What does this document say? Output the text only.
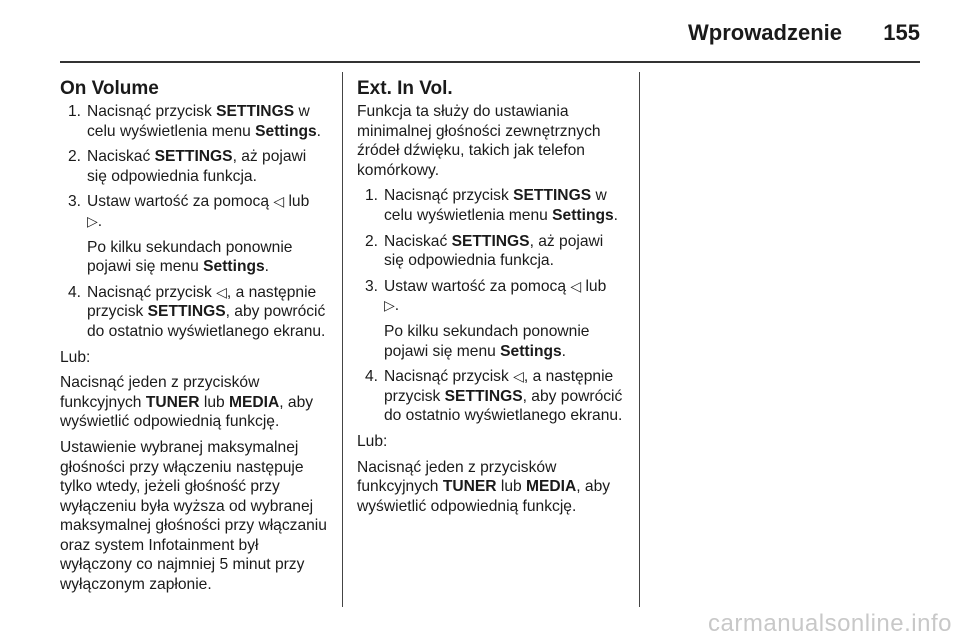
Wprowadzenie 155
On Volume
1. Nacisnąć przycisk SETTINGS w celu wyświetlenia menu Settings.
2. Naciskać SETTINGS, aż pojawi się odpowiednia funkcja.
3. Ustaw wartość za pomocą ◁ lub
▷.
Po kilku sekundach ponownie pojawi się menu Settings.
4. Nacisnąć przycisk ◁, a następnie przycisk SETTINGS, aby powrócić do ostatnio wyświetlanego ekranu.

Lub:

Nacisnąć jeden z przycisków funkcyjnych TUNER lub MEDIA, aby wyświetlić odpowiednią funkcję.

Ustawienie wybranej maksymalnej głośności przy włączeniu następuje tylko wtedy, jeżeli głośność przy wyłączeniu była wyższa od wybranej maksymalnej głośności przy włączaniu oraz system Infotainment był wyłączony co najmniej 5 minut przy wyłączonym zapłonie.

Ext. In Vol.

Funkcja ta służy do ustawiania minimalnej głośności zewnętrznych źródeł dźwięku, takich jak telefon komórkowy.

1. Nacisnąć przycisk SETTINGS w celu wyświetlenia menu Settings.
2. Naciskać SETTINGS, aż pojawi się odpowiednia funkcja.
3. Ustaw wartość za pomocą ◁ lub
▷.
Po kilku sekundach ponownie pojawi się menu Settings.
4. Nacisnąć przycisk ◁, a następnie przycisk SETTINGS, aby powrócić do ostatnio wyświetlanego ekranu.

Lub:

Nacisnąć jeden z przycisków funkcyjnych TUNER lub MEDIA, aby wyświetlić odpowiednią funkcję.

carmanualsonline.info
